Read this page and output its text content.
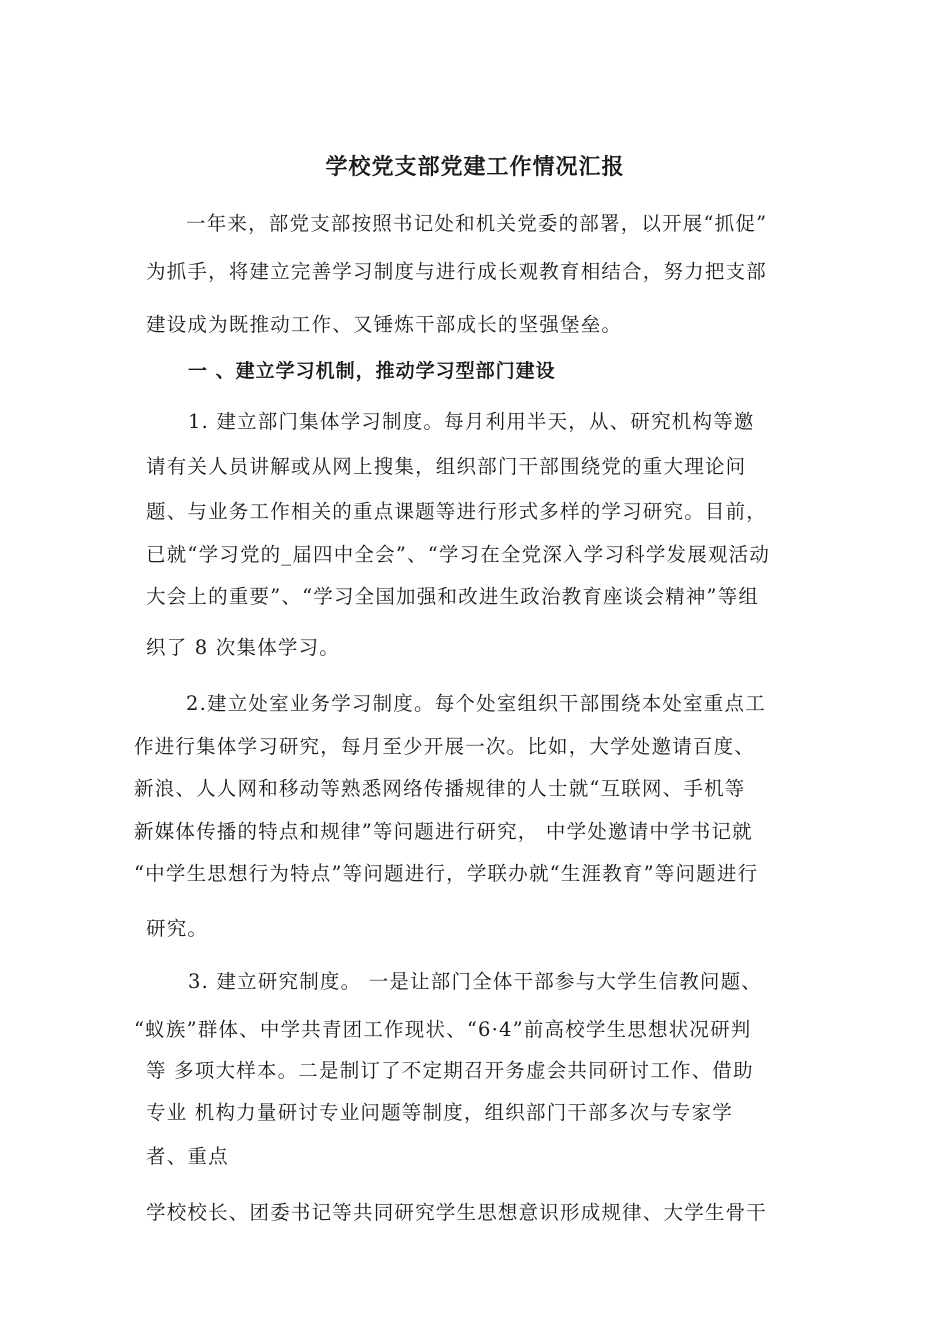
学校党支部党建工作情况汇报
一年来，部党支部按照书记处和机关党委的部署，以开展“抓促”
为抓手，将建立完善学习制度与进行成长观教育相结合，努力把支部
建设成为既推动工作、又锤炼干部成长的坚强堡垒。
一 、建立学习机制，推动学习型部门建设
1. 建立部门集体学习制度。每月利用半天，从、研究机构等邀
请有关人员讲解或从网上搜集，组织部门干部围绕党的重大理论问
题、与业务工作相关的重点课题等进行形式多样的学习研究。目前，
已就“学习党的_届四中全会”、“学习在全党深入学习科学发展观活动
大会上的重要”、“学习全国加强和改进生政治教育座谈会精神”等组
织了 8 次集体学习。
2.建立处室业务学习制度。每个处室组织干部围绕本处室重点工
作进行集体学习研究，每月至少开展一次。比如，大学处邀请百度、
新浪、人人网和移动等熟悉网络传播规律的人士就“互联网、手机等
新媒体传播的特点和规律”等问题进行研究， 中学处邀请中学书记就
“中学生思想行为特点”等问题进行，学联办就“生涯教育”等问题进行
研究。
3. 建立研究制度。 一是让部门全体干部参与大学生信教问题、
“蚁族”群体、中学共青团工作现状、“6·4”前高校学生思想状况研判
等 多项大样本。二是制订了不定期召开务虚会共同研讨工作、借助
专业 机构力量研讨专业问题等制度，组织部门干部多次与专家学
者、重点
学校校长、团委书记等共同研究学生思想意识形成规律、大学生骨干
